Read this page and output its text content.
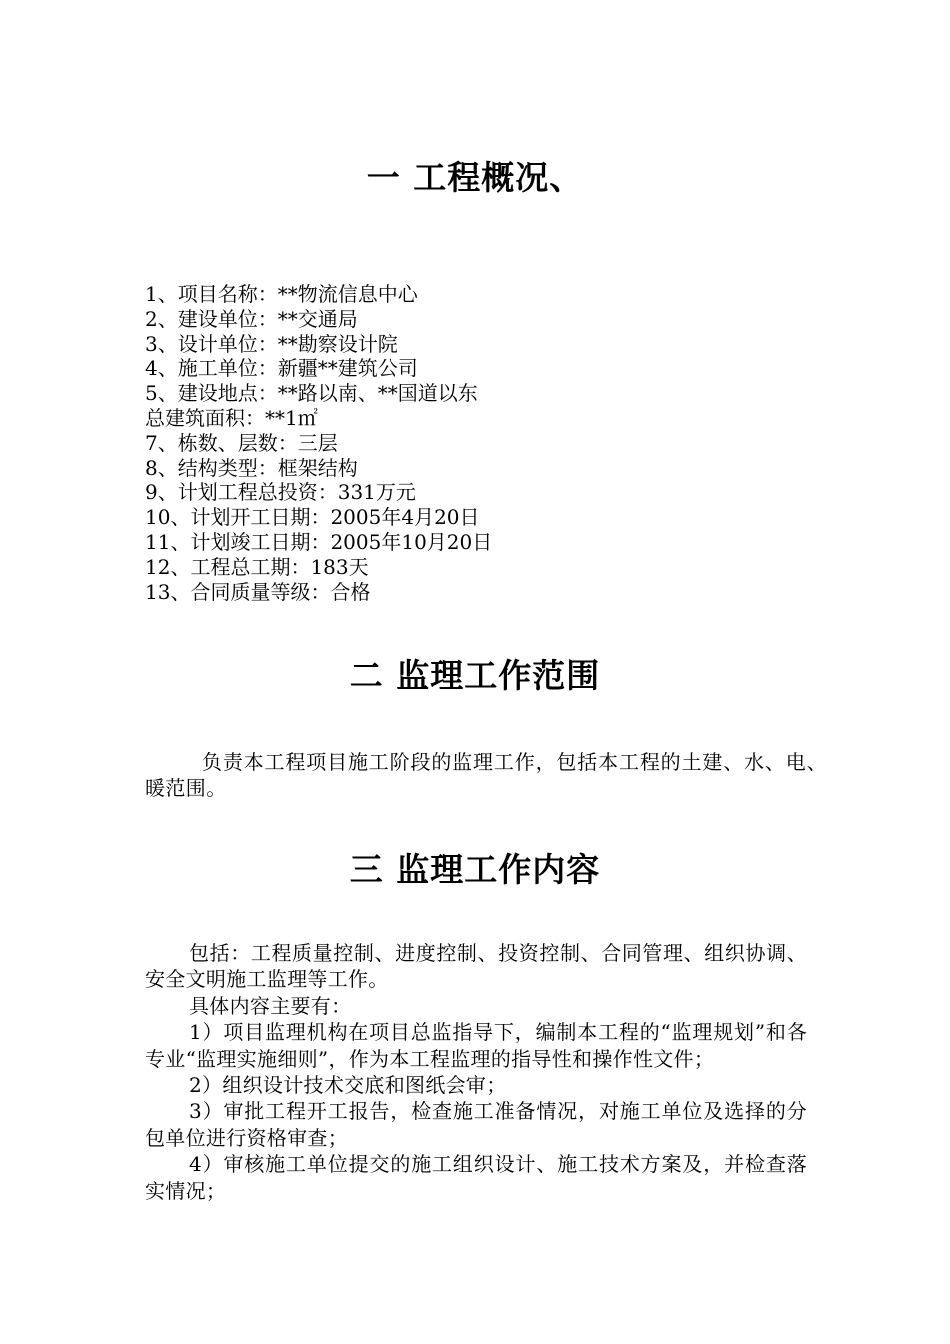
一 工程概况、
1、项目名称：**物流信息中心
2、建设单位：**交通局
3、设计单位：**勘察设计院
4、施工单位：新疆**建筑公司
5、建设地点：**路以南、**国道以东
总建筑面积：**1㎡
7、栋数、层数：三层
8、结构类型：框架结构
9、计划工程总投资：331万元
10、计划开工日期：2005年4月20日
11、计划竣工日期：2005年10月20日
12、工程总工期：183天
13、合同质量等级：合格
二 监理工作范围

负责本工程项目施工阶段的监理工作，包括本工程的土建、水、电、暖范围。

三 监理工作内容

包括：工程质量控制、进度控制、投资控制、合同管理、组织协调、安全文明施工监理等工作。

具体内容主要有：

1）项目监理机构在项目总监指导下，编制本工程的“监理规划”和各专业“监理实施细则”，作为本工程监理的指导性和操作性文件；

2）组织设计技术交底和图纸会审；

3）审批工程开工报告，检查施工准备情况，对施工单位及选择的分包单位进行资格审查；

4）审核施工单位提交的施工组织设计、施工技术方案及，并检查落实情况；
